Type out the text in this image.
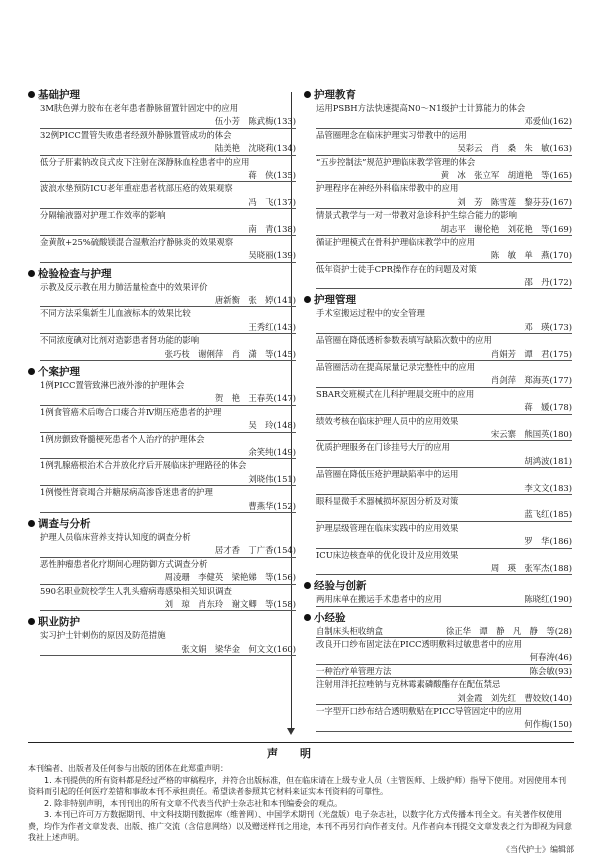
基础护理
3M肤色弹力胶布在老年患者静脉留置针固定中的应用
伍小芳　陈武梅 (133)
32例PICC置管失败患者经颈外静脉置管成功的体会
陆美艳　沈晓莉 (134)
低分子肝素钠改良式皮下注射在深静脉血栓患者中的应用
蒋　侠 (135)
波浪水垫预防ICU老年重症患者枕部压疮的效果观察
冯　飞 (137)
分隔输液器对护理工作效率的影响
南　青 (138)
金黄散+25%硫酸镁混合湿敷治疗静脉炎的效果观察
吴晓丽 (139)
检验检查与护理
示教及反示教在用力肺活量检查中的效果评价
唐新衡　张　婷 (141)
不同方法采集新生儿血液标本的效果比较
王秀红 (143)
不同浓度碘对比剂对造影患者肾功能的影响
张巧枝　谢俐萍　肖　潇　等 (145)
个案护理
1例PICC置管致淋巴液外渗的护理体会
贺　艳　王春英 (147)
1例食管癌术后吻合口瘘合并Ⅳ期压疮患者的护理
吴　玲 (148)
1例房颤致脊髓梗死患者个人治疗的护理体会
余笑纯 (149)
1例乳腺癌根治术合并放化疗后开展临床护理路径的体会
刘晓伟 (151)
1例慢性肾衰竭合并糖尿病高渗昏迷患者的护理
曹燕华 (152)
调查与分析
护理人员临床营养支持认知度的调查分析
居才香　丁广香 (154)
恶性肿瘤患者化疗期间心理防御方式调查分析
周凌珊　李健英　梁艳娣　等 (156)
590名职业院校学生人乳头瘤病毒感染相关知识调查
刘　琼　肖东玲　谢文卿　等 (158)
职业防护
实习护士针刺伤的原因及防范措施
张文娟　梁华金　何文文 (160)
护理教育
运用PSBH方法快速提高N0～N1级护士计算能力的体会
邓爱仙 (162)
品管圈理念在临床护理实习带教中的运用
吴彩云　肖　桑　朱　敏 (163)
“五步控制法”规范护理临床教学管理的体会
黄　冰　张立军　胡道艳　等 (165)
护理程序在神经外科临床带教中的应用
刘　芳　陈雪莲　黎芬芬 (167)
情景式教学与一对一带教对急诊科护生综合能力的影响
胡志平　谢伦艳　刘花艳　等 (169)
循证护理模式在骨科护理临床教学中的应用
陈　敏　单　燕 (170)
低年资护士徒手CPR操作存在的问题及对策
邵　丹 (172)
护理管理
手术室搬运过程中的安全管理
邓　瑛 (173)
品管圈在降低透析参数表填写缺陷次数中的应用
肖娟芳　谭　君 (175)
品管圈活动在提高尿量记录完整性中的应用
肖剑萍　郑海英 (177)
SBAR交班模式在儿科护理晨交班中的应用
蒋　媛 (178)
绩效考核在临床护理人员中的应用效果
宋云寨　熊国英 (180)
优质护理服务在门诊挂号大厅的应用
胡鸿波 (181)
品管圈在降低压疮护理缺陷率中的运用
李文文 (183)
眼科显微手术器械损坏原因分析及对策
蓝飞红 (185)
护理层级管理在临床实践中的应用效果
罗　华 (186)
ICU床边核查单的优化设计及应用效果
周　瑛　张军杰 (188)
经验与创新
两用床单在搬运手术患者中的应用	陈晓红 (190)
小经验
自制床头柜收纳盒	徐正华　谭　静　凡　静　等 (28)
改良开口纱布固定法在PICC透明敷料过敏患者中的应用
何春涛 (46)
一种治疗单管理方法	陈会敏 (93)
注射用泮托拉唑钠与克林霉素磷酸酯存在配伍禁忌
刘金霞　刘先红　曹姣姣 (140)
一字型开口纱布结合透明敷贴在PICC导管固定中的应用
何作梅 (150)
声明

本刊编者、出版者及任何参与出版的团体在此郑重声明：

1. 本刊提供的所有资料都是经过严格的审稿程序，并符合出版标准，但在临床请在上级专业人员（主管医师、上级护师）指导下使用。对因使用本刊资料而引起的任何医疗差错和事故本刊不承担责任。希望读者参照其它材料来证实本刊资料的可靠性。

2. 除非特别声明，本刊刊出的所有文章不代表当代护士杂志社和本刊编委会的观点。

3. 本刊已许可万方数据期刊、中文科技期刊数据库（维普网）、中国学术期刊（光盘版）电子杂志社，以数字化方式传播本刊全文。有关著作权使用费，均作为作者文章发表、出版、推广交流（含信息网络）以及赠送样刊之用途，本刊不再另行向作者支付。凡作者向本刊提交文章发表之行为即视为同意我社上述声明。

《当代护士》编辑部
